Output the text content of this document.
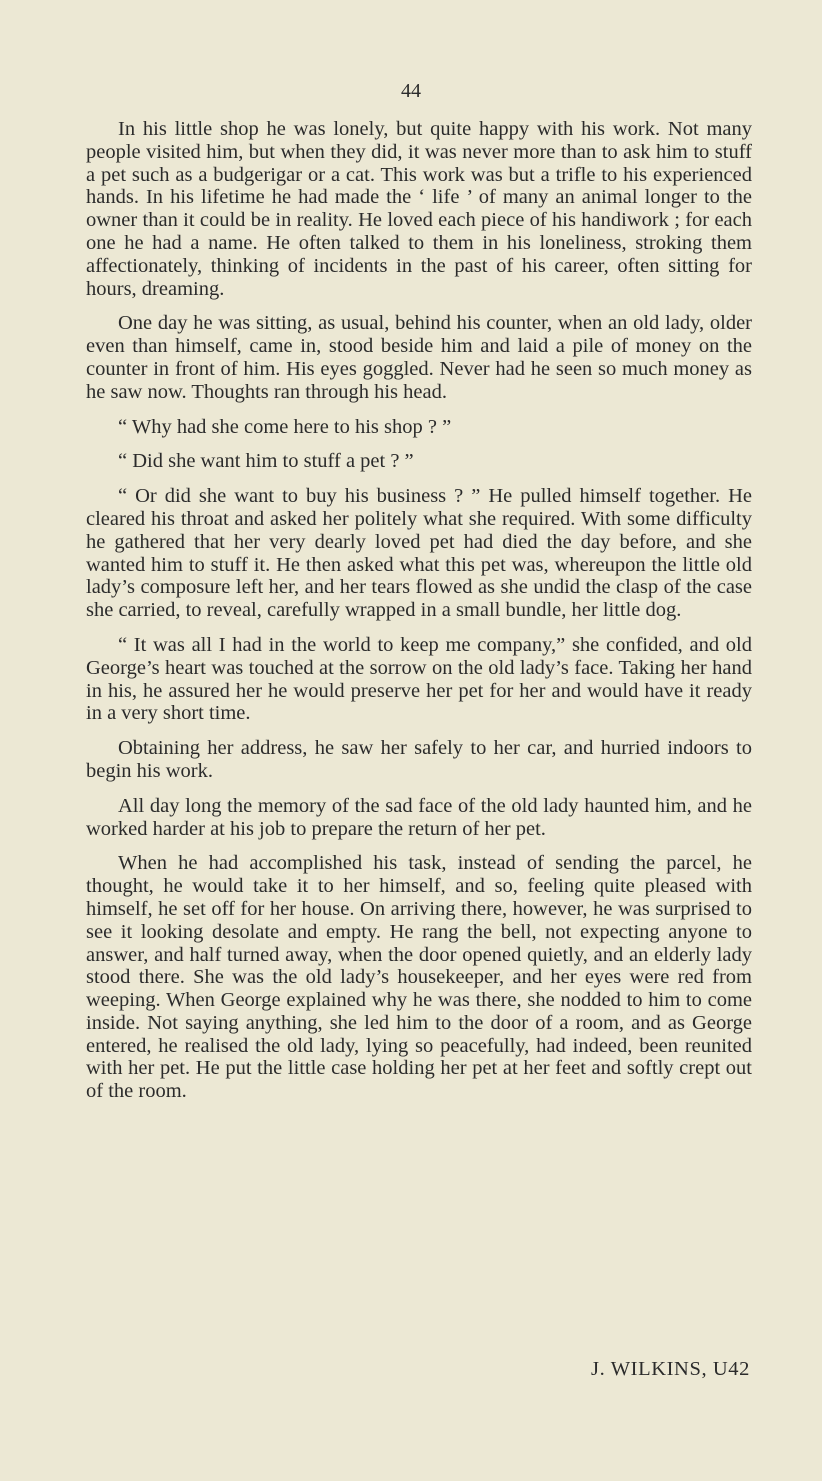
44

In his little shop he was lonely, but quite happy with his work. Not many people visited him, but when they did, it was never more than to ask him to stuff a pet such as a budgerigar or a cat. This work was but a trifle to his experienced hands. In his lifetime he had made the ‘ life ’ of many an animal longer to the owner than it could be in reality. He loved each piece of his handiwork ; for each one he had a name. He often talked to them in his loneliness, stroking them affectionately, thinking of incidents in the past of his career, often sitting for hours, dreaming.

One day he was sitting, as usual, behind his counter, when an old lady, older even than himself, came in, stood beside him and laid a pile of money on the counter in front of him. His eyes goggled. Never had he seen so much money as he saw now. Thoughts ran through his head.

“ Why had she come here to his shop ? ”

“ Did she want him to stuff a pet ? ”

“ Or did she want to buy his business ? ” He pulled himself together. He cleared his throat and asked her politely what she required. With some difficulty he gathered that her very dearly loved pet had died the day before, and she wanted him to stuff it. He then asked what this pet was, whereupon the little old lady’s composure left her, and her tears flowed as she undid the clasp of the case she carried, to reveal, carefully wrapped in a small bundle, her little dog.

“ It was all I had in the world to keep me company,” she confided, and old George’s heart was touched at the sorrow on the old lady’s face. Taking her hand in his, he assured her he would preserve her pet for her and would have it ready in a very short time.

Obtaining her address, he saw her safely to her car, and hurried indoors to begin his work.

All day long the memory of the sad face of the old lady haunted him, and he worked harder at his job to prepare the return of her pet.

When he had accomplished his task, instead of sending the parcel, he thought, he would take it to her himself, and so, feeling quite pleased with himself, he set off for her house. On arriving there, however, he was surprised to see it looking desolate and empty. He rang the bell, not expecting anyone to answer, and half turned away, when the door opened quietly, and an elderly lady stood there. She was the old lady’s housekeeper, and her eyes were red from weeping. When George explained why he was there, she nodded to him to come inside. Not saying anything, she led him to the door of a room, and as George entered, he realised the old lady, lying so peacefully, had indeed, been reunited with her pet. He put the little case holding her pet at her feet and softly crept out of the room.

J. WILKINS, U42
